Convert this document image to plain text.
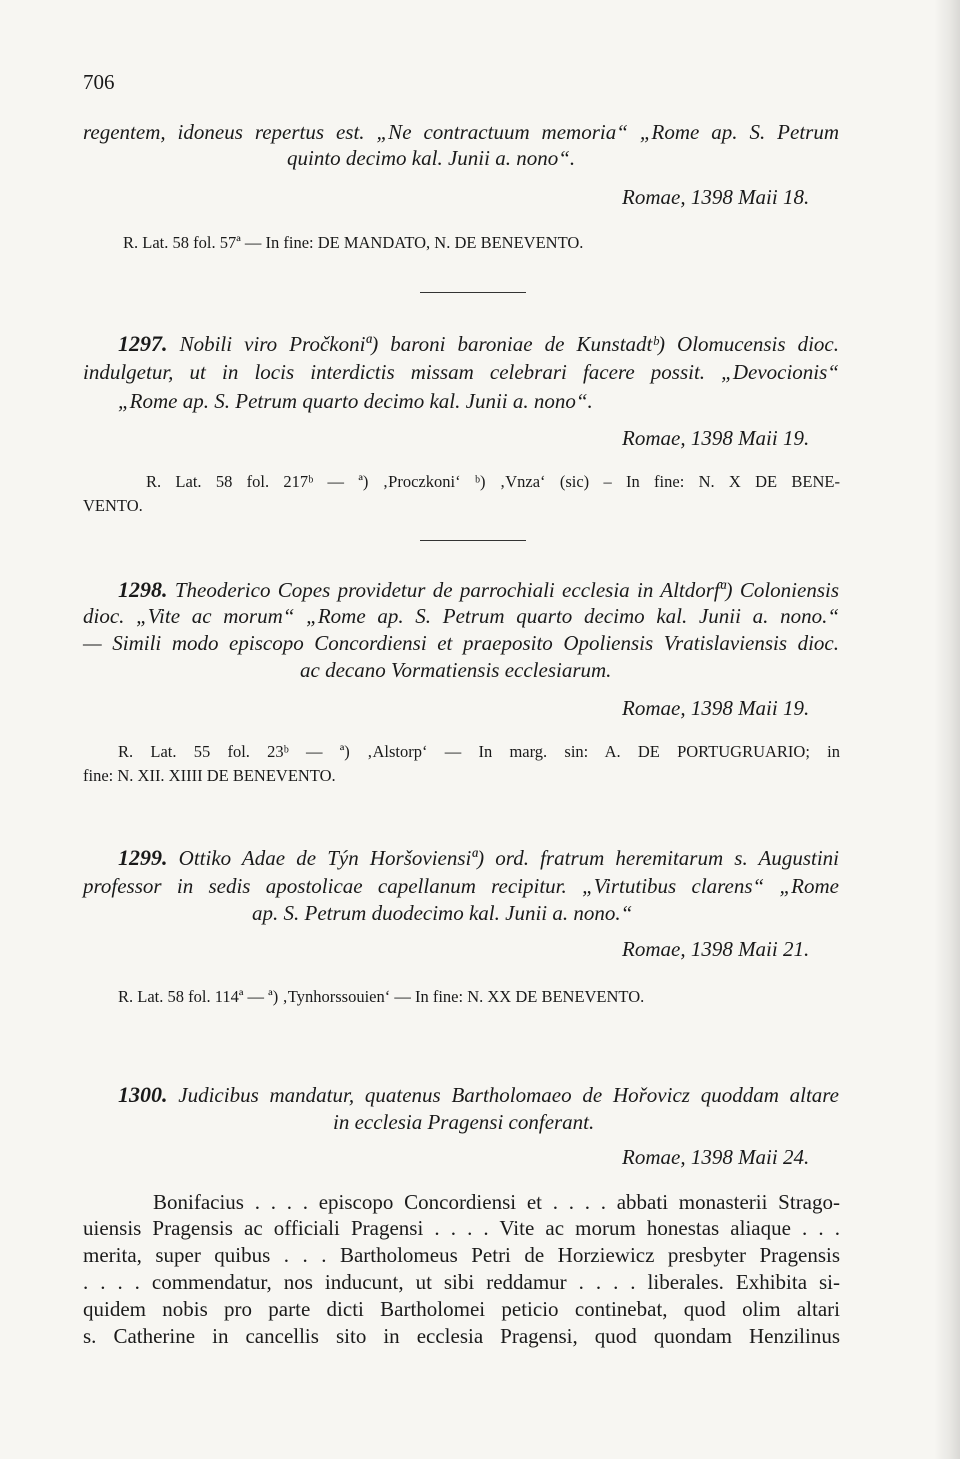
706
regentem, idoneus repertus est. „Ne contractuum memoria“ „Rome ap. S. Petrum
quinto decimo kal. Junii a. nono“.
Romae, 1398 Maii 18.
R. Lat. 58 fol. 57ª — In fine: DE MANDATO, N. DE BENEVENTO.
1297. Nobili viro Pročkoniª) baroni baroniae de Kunstadtᵇ) Olomucensis dioc.
indulgetur, ut in locis interdictis missam celebrari facere possit. „Devocionis“
„Rome ap. S. Petrum quarto decimo kal. Junii a. nono“.
Romae, 1398 Maii 19.
R. Lat. 58 fol. 217ᵇ — ª) ‚Proczkoni‘ ᵇ) ‚Vnza‘ (sic) – In fine: N. X DE BENE-
VENTO.
1298. Theoderico Copes providetur de parrochiali ecclesia in Altdorfª) Coloniensis
dioc. „Vite ac morum“ „Rome ap. S. Petrum quarto decimo kal. Junii a. nono.“
— Simili modo episcopo Concordiensi et praeposito Opoliensis Vratislaviensis dioc.
ac decano Vormatiensis ecclesiarum.
Romae, 1398 Maii 19.
R. Lat. 55 fol. 23ᵇ — ª) ‚Alstorp‘ — In marg. sin: A. DE PORTUGRUARIO; in
fine: N. XII. XIIII DE BENEVENTO.
1299. Ottiko Adae de Týn Horšoviensiª) ord. fratrum heremitarum s. Augustini
professor in sedis apostolicae capellanum recipitur. „Virtutibus clarens“ „Rome
ap. S. Petrum duodecimo kal. Junii a. nono.“
Romae, 1398 Maii 21.
R. Lat. 58 fol. 114ª — ª) ‚Tynhorssouien‘ — In fine: N. XX DE BENEVENTO.
1300. Judicibus mandatur, quatenus Bartholomaeo de Hořovicz quoddam altare
in ecclesia Pragensi conferant.
Romae, 1398 Maii 24.
Bonifacius . . . . episcopo Concordiensi et . . . . abbati monasterii Strago-
uiensis Pragensis ac officiali Pragensi . . . . Vite ac morum honestas aliaque . . .
merita, super quibus . . . Bartholomeus Petri de Horziewicz presbyter Pragensis
. . . . commendatur, nos inducunt, ut sibi reddamur . . . . liberales. Exhibita si-
quidem nobis pro parte dicti Bartholomei peticio continebat, quod olim altari
s. Catherine in cancellis sito in ecclesia Pragensi, quod quondam Henzilinus
